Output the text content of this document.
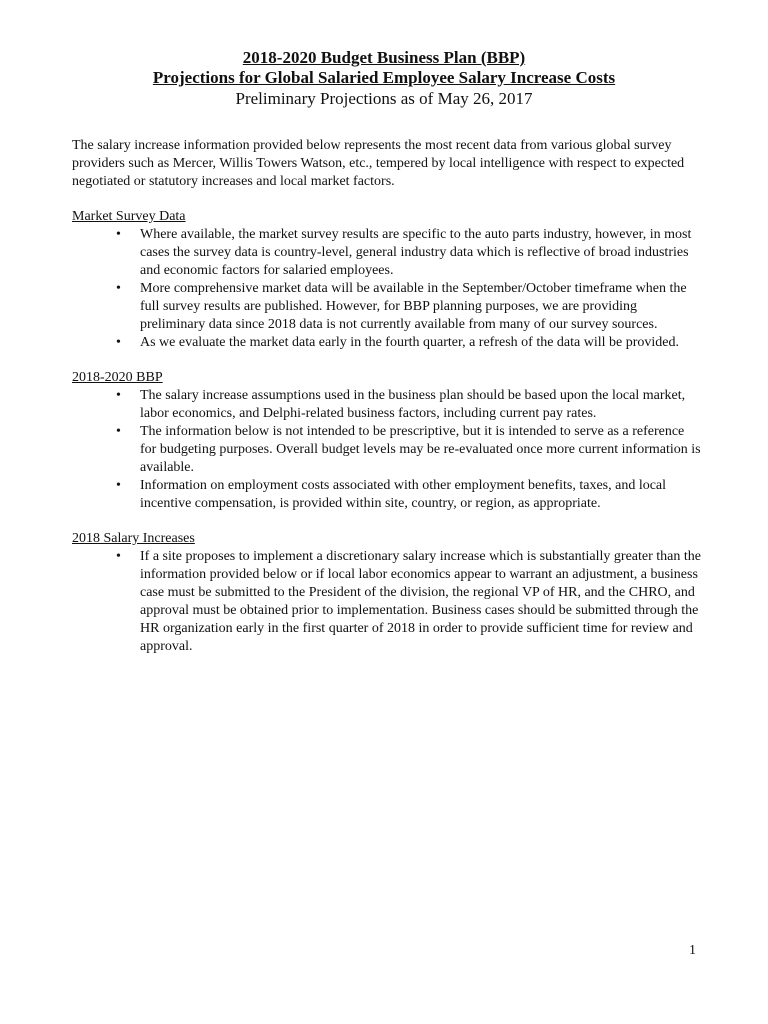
2018-2020 Budget Business Plan (BBP)

Projections for Global Salaried Employee Salary Increase Costs

Preliminary Projections as of May 26, 2017

The salary increase information provided below represents the most recent data from various global survey providers such as Mercer, Willis Towers Watson, etc., tempered by local intelligence with respect to expected negotiated or statutory increases and local market factors.

Market Survey Data

• Where available, the market survey results are specific to the auto parts industry, however, in most cases the survey data is country-level, general industry data which is reflective of broad industries and economic factors for salaried employees.
• More comprehensive market data will be available in the September/October timeframe when the full survey results are published. However, for BBP planning purposes, we are providing preliminary data since 2018 data is not currently available from many of our survey sources.
• As we evaluate the market data early in the fourth quarter, a refresh of the data will be provided.

2018-2020 BBP

• The salary increase assumptions used in the business plan should be based upon the local market, labor economics, and Delphi-related business factors, including current pay rates.
• The information below is not intended to be prescriptive, but it is intended to serve as a reference for budgeting purposes. Overall budget levels may be re-evaluated once more current information is available.
• Information on employment costs associated with other employment benefits, taxes, and local incentive compensation, is provided within site, country, or region, as appropriate.

2018 Salary Increases

• If a site proposes to implement a discretionary salary increase which is substantially greater than the information provided below or if local labor economics appear to warrant an adjustment, a business case must be submitted to the President of the division, the regional VP of HR, and the CHRO, and approval must be obtained prior to implementation. Business cases should be submitted through the HR organization early in the first quarter of 2018 in order to provide sufficient time for review and approval.
1
